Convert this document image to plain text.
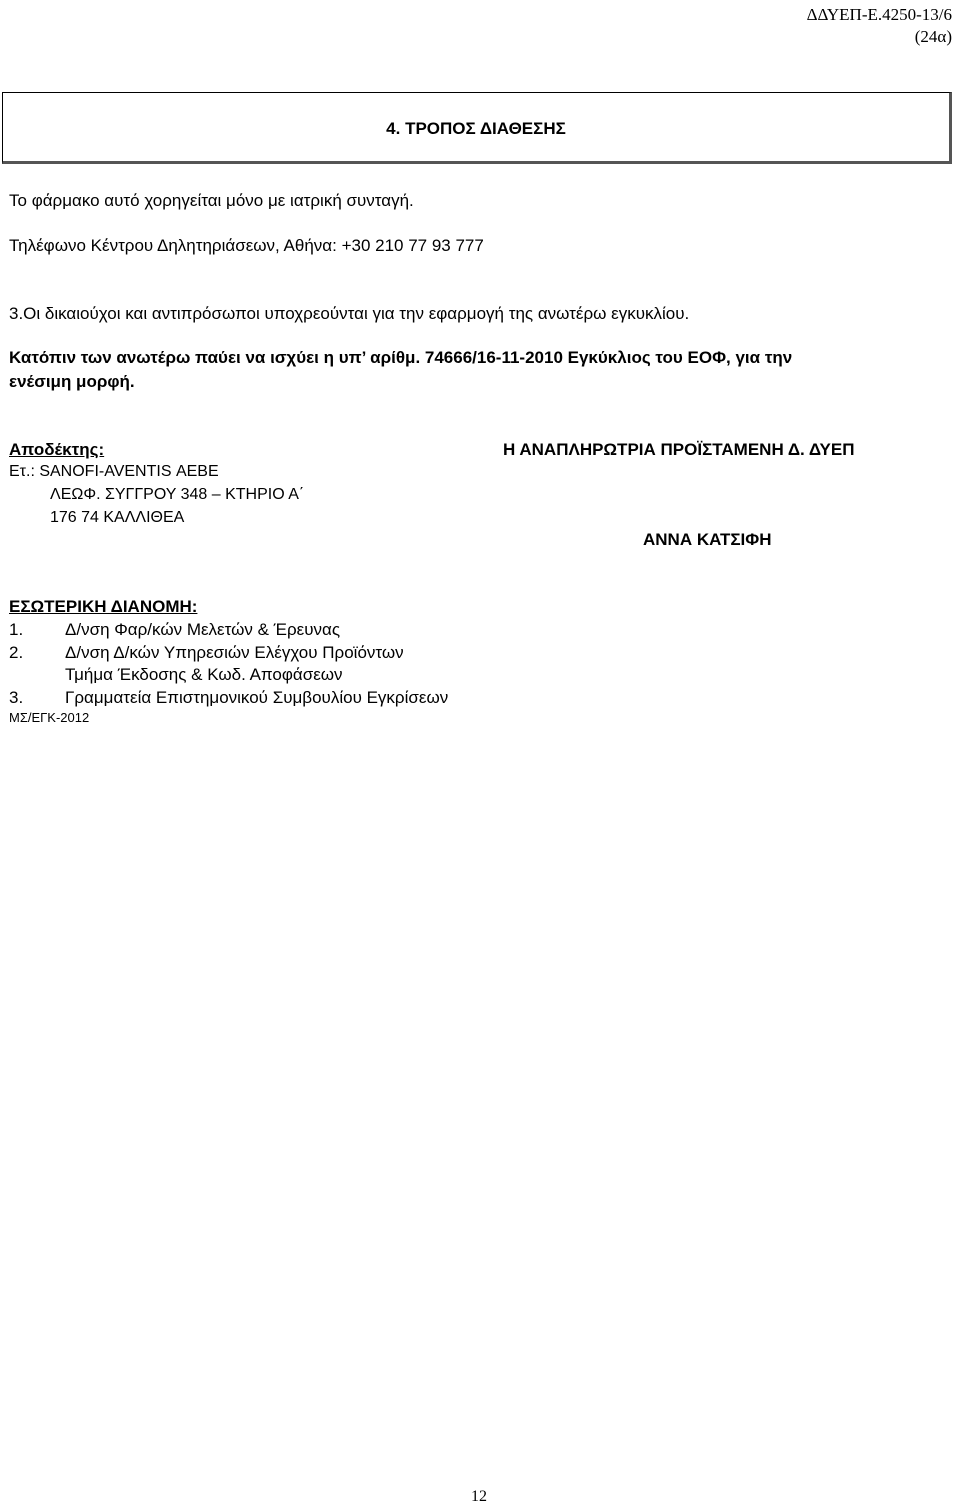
ΔΔΥΕΠ-Ε.4250-13/6
(24α)
4. ΤΡΟΠΟΣ ΔΙΑΘΕΣΗΣ
Το φάρμακο αυτό χορηγείται μόνο με ιατρική συνταγή.
Τηλέφωνο Κέντρου Δηλητηριάσεων, Αθήνα: +30 210 77 93 777
3.Οι δικαιούχοι και αντιπρόσωποι υποχρεούνται για την εφαρμογή της ανωτέρω εγκυκλίου.
Κατόπιν των ανωτέρω παύει να ισχύει η υπ’ αρίθμ. 74666/16-11-2010 Εγκύκλιος του ΕΟΦ, για την
ενέσιμη μορφή.
Αποδέκτης:
Ετ.: SANOFI-AVENTIS ΑΕΒΕ
ΛΕΩΦ. ΣΥΓΓΡΟΥ 348 – ΚΤΗΡΙΟ Α΄
176 74 ΚΑΛΛΙΘΕΑ
Η ΑΝΑΠΛΗΡΩΤΡΙΑ ΠΡΟΪΣΤΑΜΕΝΗ Δ. ΔΥΕΠ
ΑΝΝΑ ΚΑΤΣΙΦΗ
ΕΣΩΤΕΡΙΚΗ ΔΙΑΝΟΜΗ:
1. Δ/νση Φαρ/κών Μελετών & Έρευνας
2. Δ/νση Δ/κών Υπηρεσιών Ελέγχου Προϊόντων
Τμήμα Έκδοσης & Κωδ. Αποφάσεων
3. Γραμματεία Επιστημονικού Συμβουλίου Εγκρίσεων
ΜΣ/ΕΓΚ-2012
12
